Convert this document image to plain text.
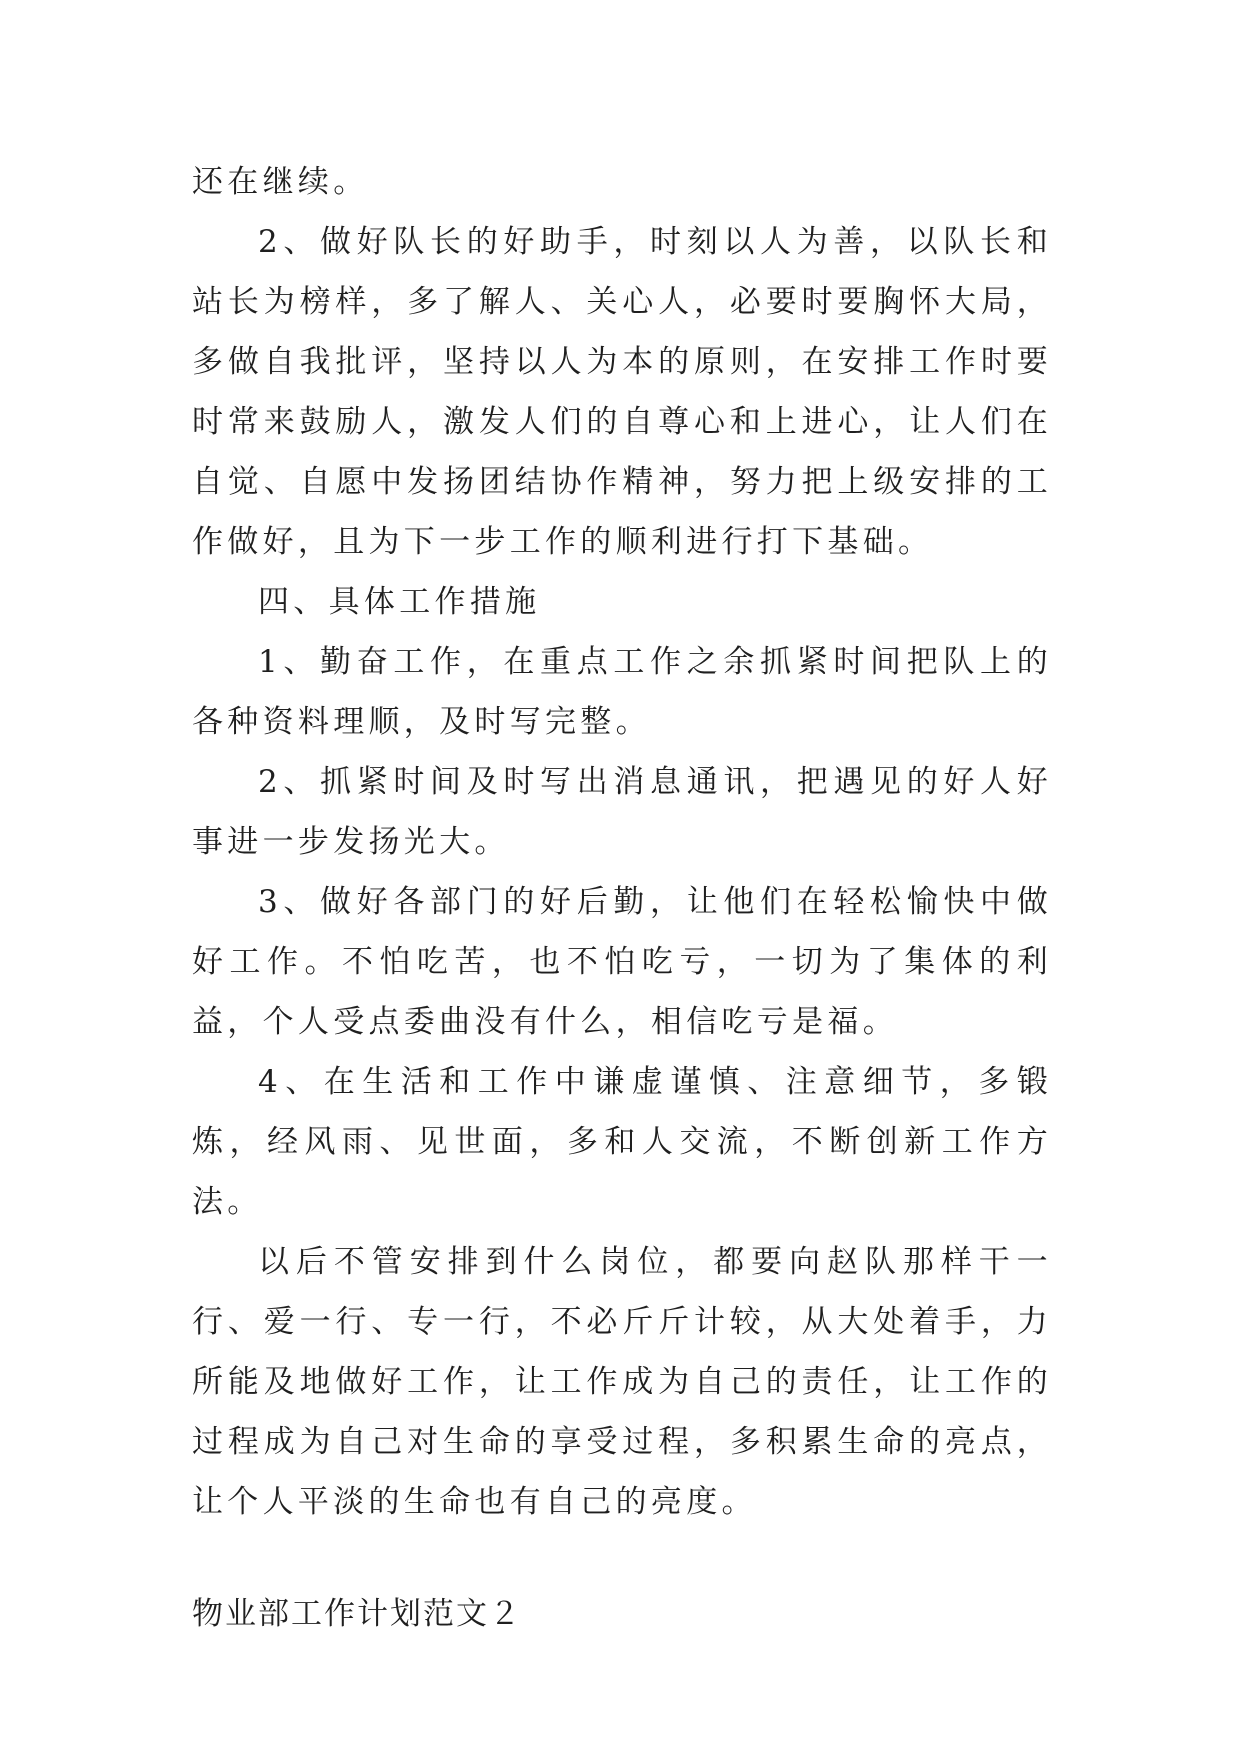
还在继续。

2、做好队长的好助手，时刻以人为善，以队长和站长为榜样，多了解人、关心人，必要时要胸怀大局，多做自我批评，坚持以人为本的原则，在安排工作时要时常来鼓励人，激发人们的自尊心和上进心，让人们在自觉、自愿中发扬团结协作精神，努力把上级安排的工作做好，且为下一步工作的顺利进行打下基础。

四、具体工作措施

1、勤奋工作，在重点工作之余抓紧时间把队上的各种资料理顺，及时写完整。

2、抓紧时间及时写出消息通讯，把遇见的好人好事进一步发扬光大。

3、做好各部门的好后勤，让他们在轻松愉快中做好工作。不怕吃苦，也不怕吃亏，一切为了集体的利益，个人受点委曲没有什么，相信吃亏是福。

4、在生活和工作中谦虚谨慎、注意细节，多锻炼，经风雨、见世面，多和人交流，不断创新工作方法。

以后不管安排到什么岗位，都要向赵队那样干一行、爱一行、专一行，不必斤斤计较，从大处着手，力所能及地做好工作，让工作成为自己的责任，让工作的过程成为自己对生命的享受过程，多积累生命的亮点，让个人平淡的生命也有自己的亮度。

物业部工作计划范文２
